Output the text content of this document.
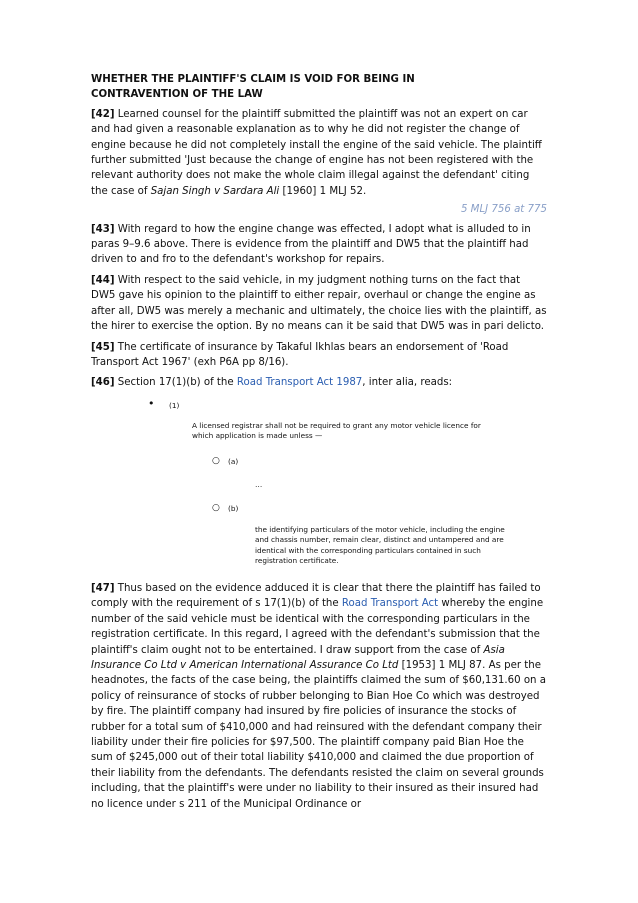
WHETHER THE PLAINTIFF'S CLAIM IS VOID FOR BEING IN
CONTRAVENTION OF THE LAW

[42] Learned counsel for the plaintiff submitted the plaintiff was not an expert on car and had given a reasonable explanation as to why he did not register the change of engine because he did not completely install the engine of the said vehicle. The plaintiff further submitted 'Just because the change of engine has not been registered with the relevant authority does not make the whole claim illegal against the defendant' citing the case of Sajan Singh v Sardara Ali [1960] 1 MLJ 52.

5 MLJ 756 at 775

[43] With regard to how the engine change was effected, I adopt what is alluded to in paras 9–9.6 above. There is evidence from the plaintiff and DW5 that the plaintiff had driven to and fro to the defendant's workshop for repairs.

[44] With respect to the said vehicle, in my judgment nothing turns on the fact that DW5 gave his opinion to the plaintiff to either repair, overhaul or change the engine as after all, DW5 was merely a mechanic and ultimately, the choice lies with the plaintiff, as the hirer to exercise the option. By no means can it be said that DW5 was in pari delicto.

[45] The certificate of insurance by Takaful Ikhlas bears an endorsement of 'Road Transport Act 1967' (exh P6A pp 8/16).

[46] Section 17(1)(b) of the Road Transport Act 1987, inter alia, reads:

• (1)
A licensed registrar shall not be required to grant any motor vehicle licence for which application is made unless —
○ (a)
…
○ (b)
the identifying particulars of the motor vehicle, including the engine and chassis number, remain clear, distinct and untampered and are identical with the corresponding particulars contained in such registration certificate.

[47] Thus based on the evidence adduced it is clear that there the plaintiff has failed to comply with the requirement of s 17(1)(b) of the Road Transport Act whereby the engine number of the said vehicle must be identical with the corresponding particulars in the registration certificate. In this regard, I agreed with the defendant's submission that the plaintiff's claim ought not to be entertained. I draw support from the case of Asia Insurance Co Ltd v American International Assurance Co Ltd [1953] 1 MLJ 87. As per the headnotes, the facts of the case being, the plaintiffs claimed the sum of $60,131.60 on a policy of reinsurance of stocks of rubber belonging to Bian Hoe Co which was destroyed by fire. The plaintiff company had insured by fire policies of insurance the stocks of rubber for a total sum of $410,000 and had reinsured with the defendant company their liability under their fire policies for $97,500. The plaintiff company paid Bian Hoe the sum of $245,000 out of their total liability $410,000 and claimed the due proportion of their liability from the defendants. The defendants resisted the claim on several grounds including, that the plaintiff's were under no liability to their insured as their insured had no licence under s 211 of the Municipal Ordinance or
